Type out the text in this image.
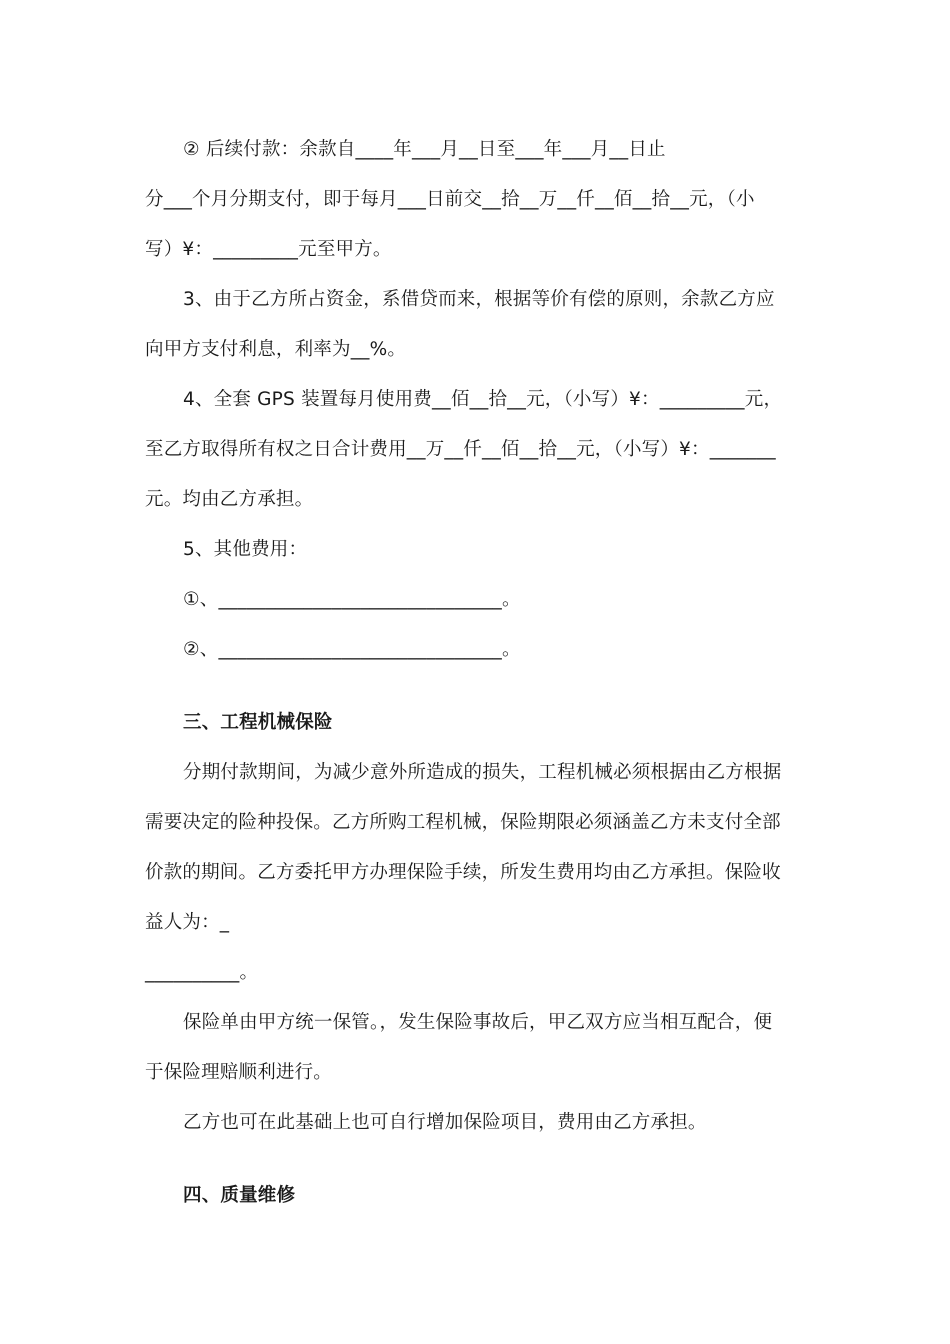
② 后续付款：余款自____年___月__日至___年___月__日止
分___个月分期支付，即于每月___日前交__拾__万__仟__佰__拾__元，（小
写）¥：_________元至甲方。
3、由于乙方所占资金，系借贷而来，根据等价有偿的原则，余款乙方应
向甲方支付利息，利率为__%。
4、全套 GPS 装置每月使用费__佰__拾__元，（小写）¥：_________元，
至乙方取得所有权之日合计费用__万__仟__佰__拾__元，（小写）¥：_______
元。均由乙方承担。
5、其他费用：
①、______________________________。
②、______________________________。
三、工程机械保险
分期付款期间，为减少意外所造成的损失，工程机械必须根据由乙方根据
需要决定的险种投保。乙方所购工程机械，保险期限必须涵盖乙方未支付全部
价款的期间。乙方委托甲方办理保险手续，所发生费用均由乙方承担。保险收
益人为：_
__________。
保险单由甲方统一保管。，发生保险事故后，甲乙双方应当相互配合，便
于保险理赔顺利进行。
乙方也可在此基础上也可自行增加保险项目，费用由乙方承担。
四、质量维修
